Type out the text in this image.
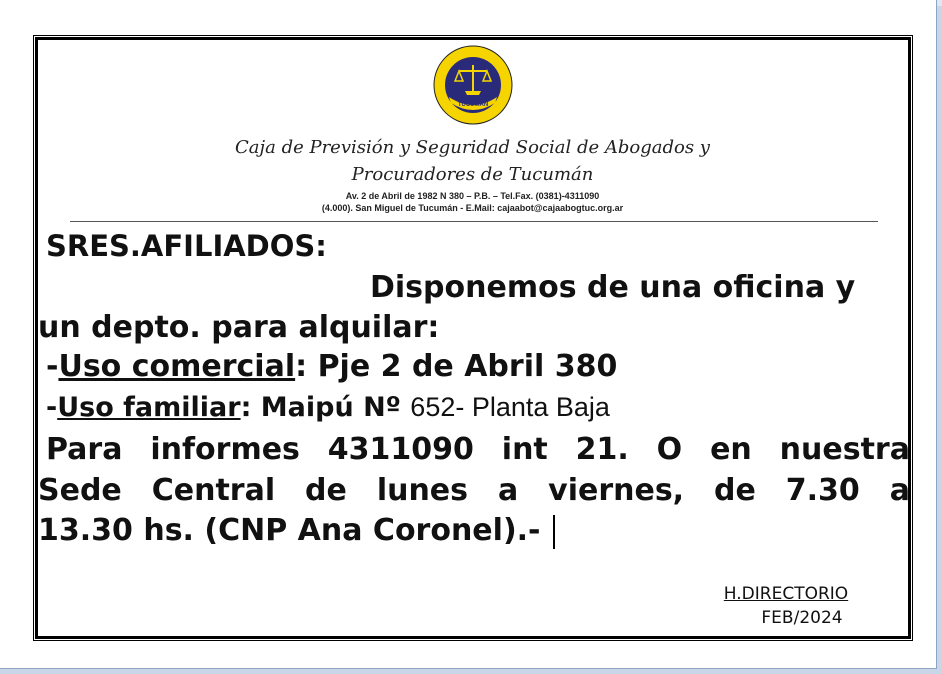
TUCUMAN
Caja de Previsión y Seguridad Social de Abogados y
Procuradores de Tucumán
Av. 2 de Abril de 1982 N 380 – P.B. – Tel.Fax. (0381)-4311090
(4.000). San Miguel de Tucumán - E.Mail: cajaabot@cajaabogtuc.org.ar
SRES.AFILIADOS:
Disponemos de una oficina y
un depto. para alquilar:
-Uso comercial: Pje 2 de Abril 380
-Uso familiar: Maipú Nº 652- Planta Baja
Para informes 4311090 int 21. O en nuestra
Sede Central de lunes a viernes, de 7.30 a
13.30 hs. (CNP Ana Coronel).-
H.DIRECTORIO
FEB/2024
